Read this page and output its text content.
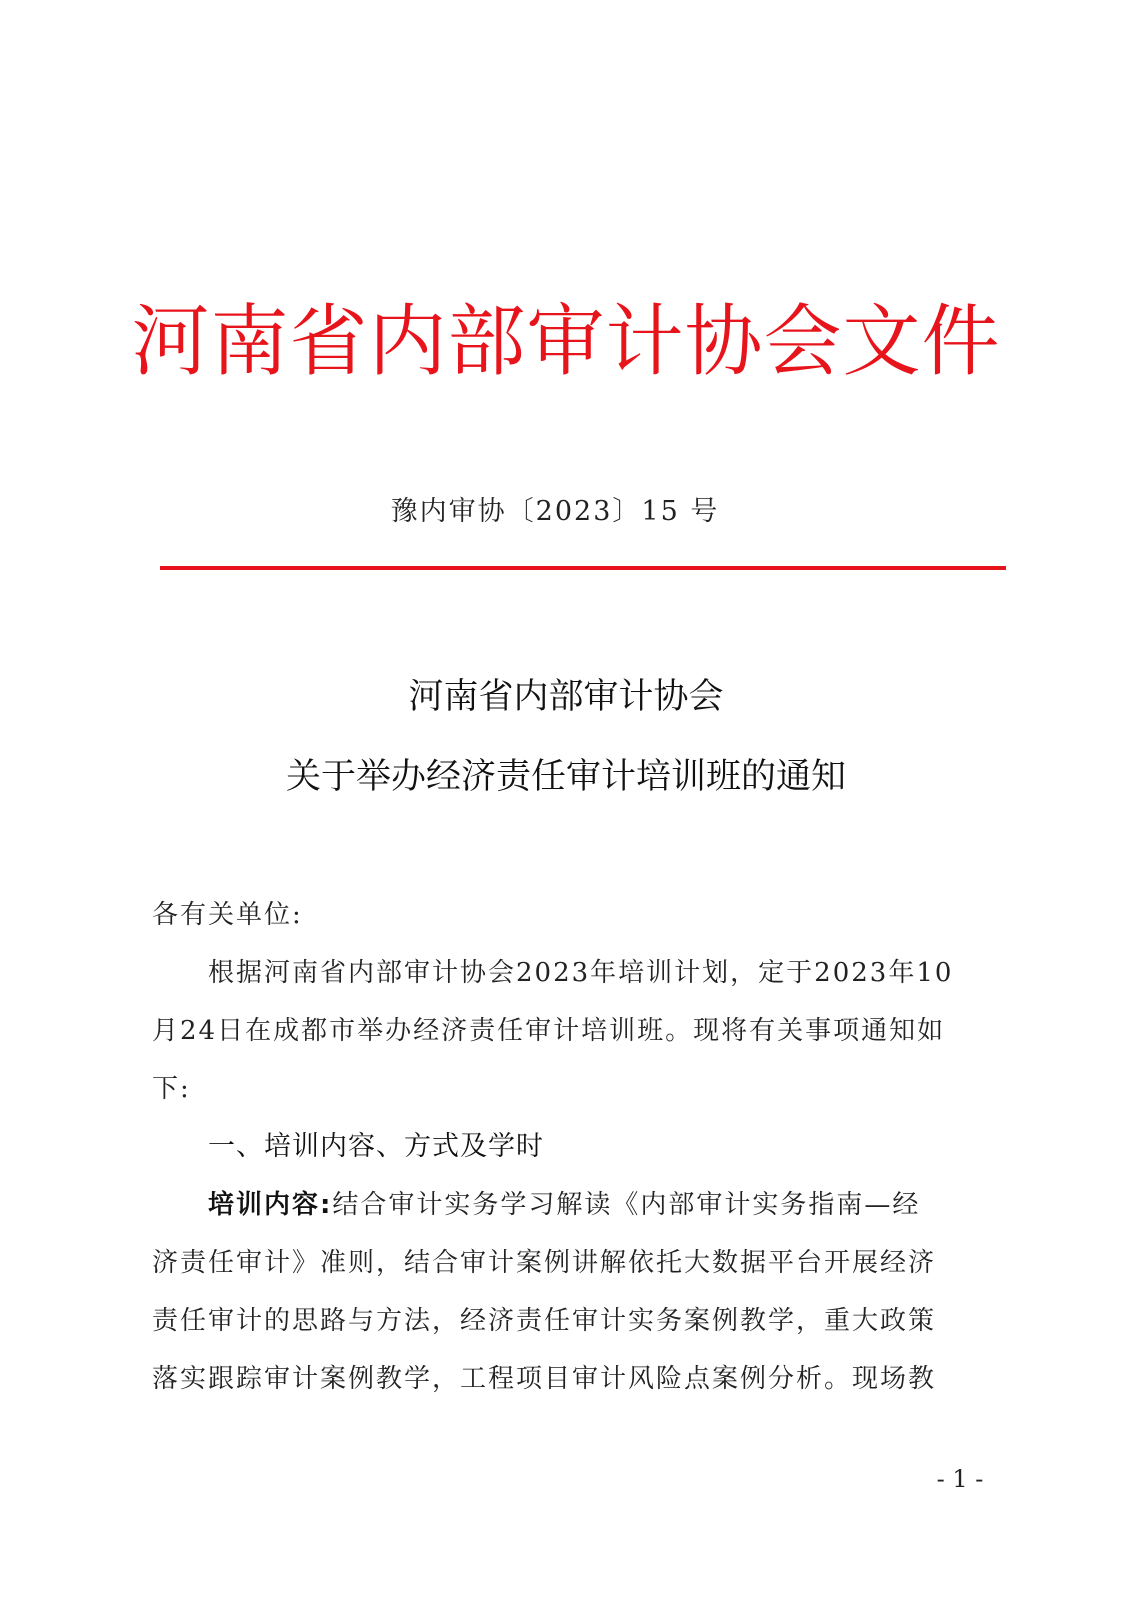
河南省内部审计协会文件
豫内审协〔2023〕15 号
河南省内部审计协会
关于举办经济责任审计培训班的通知
各有关单位:
根据河南省内部审计协会2023年培训计划，定于2023年10
月24日在成都市举办经济责任审计培训班。现将有关事项通知如
下:
一、培训内容、方式及学时
培训内容:结合审计实务学习解读《内部审计实务指南—经
济责任审计》准则，结合审计案例讲解依托大数据平台开展经济
责任审计的思路与方法，经济责任审计实务案例教学，重大政策
落实跟踪审计案例教学，工程项目审计风险点案例分析。现场教
- 1 -
